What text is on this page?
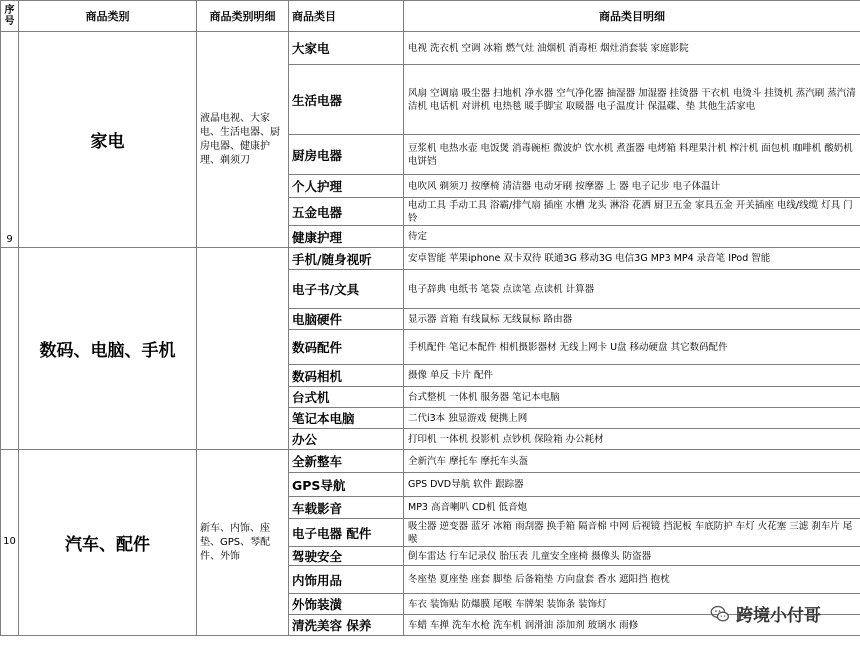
序号	商品类别	商品类别明细	商品类目	商品类目明细
9	家电	液晶电视、大家电、生活电器、厨房电器、健康护理、剃须刀	大家电	电视 洗衣机 空调 冰箱 燃气灶 油烟机 消毒柜 烟灶消套装 家庭影院
			生活电器	风扇 空调扇 吸尘器 扫地机 净水器 空气净化器 抽湿器 加湿器 挂烫器 干衣机 电烫斗 挂烫机 蒸汽刷 蒸汽清洁机 电话机 对讲机 电热毯 暖手脚宝 取暖器 电子温度计 保温碟、垫 其他生活家电
			厨房电器	豆浆机 电热水壶 电饭煲 消毒碗柜 微波炉 饮水机 煮蛋器 电烤箱 料理果汁机 榨汁机 面包机 咖啡机 酸奶机 电饼铛
			个人护理	电吹风 剃须刀 按摩椅 清洁器 电动牙刷 按摩器 上 器 电子记步 电子体温计
			五金电器	电动工具 手动工具 浴霸/排气扇 插座 水槽 龙头 淋浴 花洒 厨卫五金 家具五金 开关插座 电线/线缆 灯具 门铃
			健康护理	待定
	数码、电脑、手机		手机/随身视听	安卓智能 苹果iphone 双卡双待 联通3G 移动3G 电信3G MP3 MP4 录音笔 IPod 智能
			电子书/文具	电子辞典 电纸书 笔袋 点读笔 点读机 计算器
			电脑硬件	显示器 音箱 有线鼠标 无线鼠标 路由器
			数码配件	手机配件 笔记本配件 相机摄影器材 无线上网卡 U盘 移动硬盘 其它数码配件
			数码相机	摄像 单反 卡片 配件
			台式机	台式整机 一体机 服务器 笔记本电脑
			笔记本电脑	二代i3本 独显游戏 便携上网
			办公	打印机 一体机 投影机 点钞机 保险箱 办公耗材
10	汽车、配件	新车、内饰、座垫、GPS、琴配件、外饰	全新整车	全新汽车 摩托车 摩托车头盔
			GPS导航	GPS DVD导航 软件 跟踪器
			车载影音	MP3 高音喇叭 CD机 低音炮
			电子电器 配件	吸尘器 逆变器 蓝牙 冰箱 雨刮器 换手箱 隔音棉 中网 后视镜 挡泥板 车底防护 车灯 火花塞 三滤 刹车片 尾喉
			驾驶安全	倒车雷达 行车记录仪 胎压表 儿童安全座椅 摄像头 防盗器
			内饰用品	冬座垫 夏座垫 座套 脚垫 后备箱垫 方向盘套 香水 遮阳挡 抱枕
			外饰装潢	车衣 装饰贴 防爆膜 尾喉 车牌架 装饰条 装饰灯
			清洗美容 保养	车蜡 车掸 洗车水枪 洗车机 润滑油 添加剂 玻璃水 雨修	跨境小付哥
